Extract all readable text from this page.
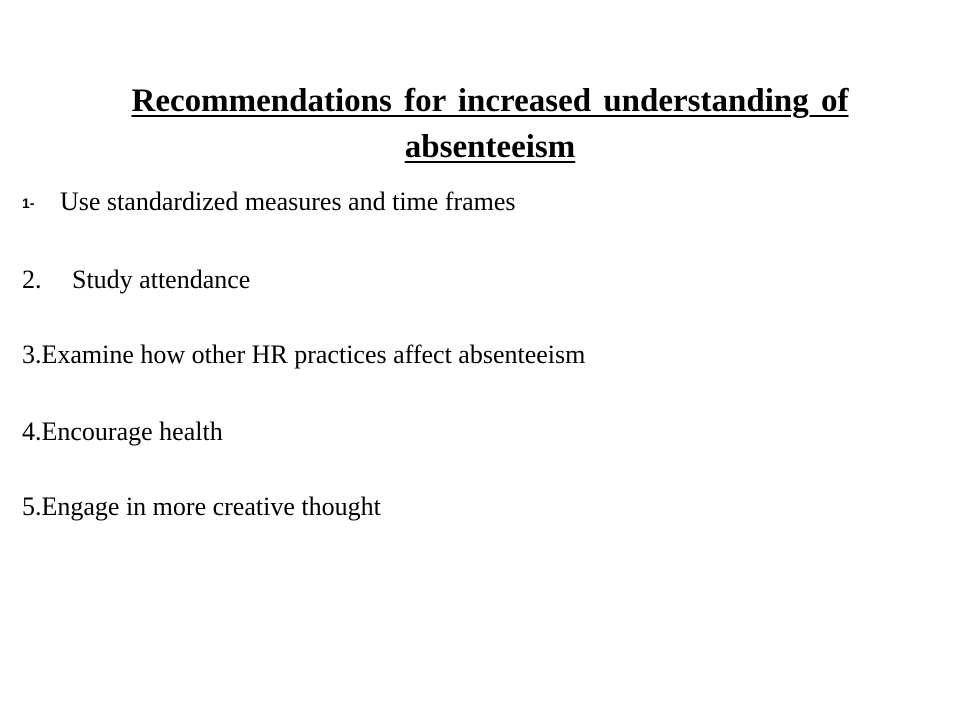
Recommendations for increased understanding of absenteeism
1- Use standardized measures and time frames
2. Study attendance
3.Examine how other HR practices affect absenteeism
4.Encourage health
5.Engage in more creative thought
